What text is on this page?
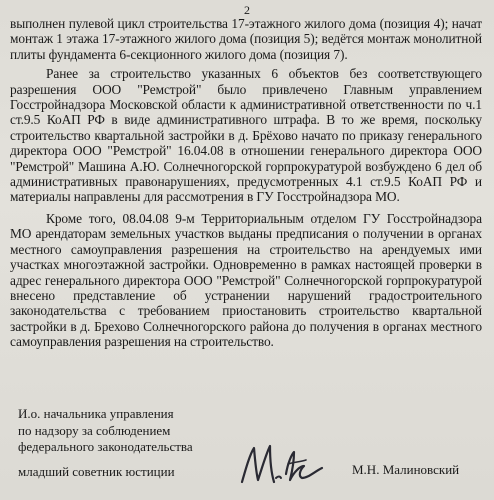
2

выполнен пулевой цикл строительства 17-этажного жилого дома (позиция 4); начат монтаж 1 этажа 17-этажного жилого дома (позиция 5); ведётся монтаж монолитной плиты фундамента 6-секционного жилого дома (позиция 7).

Ранее за строительство указанных 6 объектов без соответствующего разрешения ООО "Ремстрой" было привлечено Главным управлением Госстройнадзора Московской области к административной ответственности по ч.1 ст.9.5 КоАП РФ в виде административного штрафа. В то же время, поскольку строительство квартальной застройки в д. Брёхово начато по приказу генерального директора ООО "Ремстрой" 16.04.08 в отношении генерального директора ООО "Ремстрой" Машина А.Ю. Солнечногорской горпрокуратурой возбуждено 6 дел об административных правонарушениях, предусмотренных 4.1 ст.9.5 КоАП РФ и материалы направлены для рассмотрения в ГУ Госстройнадзора МО.

Кроме того, 08.04.08 9-м Территориальным отделом ГУ Госстройнадзора МО арендаторам земельных участков выданы предписания о получении в органах местного самоуправления разрешения на строительство на арендуемых ими участках многоэтажной застройки. Одновременно в рамках настоящей проверки в адрес генерального директора ООО "Ремстрой" Солнечногорской горпрокуратурой внесено представление об устранении нарушений градостроительного законодательства с требованием приостановить строительство квартальной застройки в д. Брехово Солнечногорского района до получения в органах местного самоуправления разрешения на строительство.

И.о. начальника управления
по надзору за соблюдением
федерального законодательства
младший советник юстиции	М.Н. Малиновский
